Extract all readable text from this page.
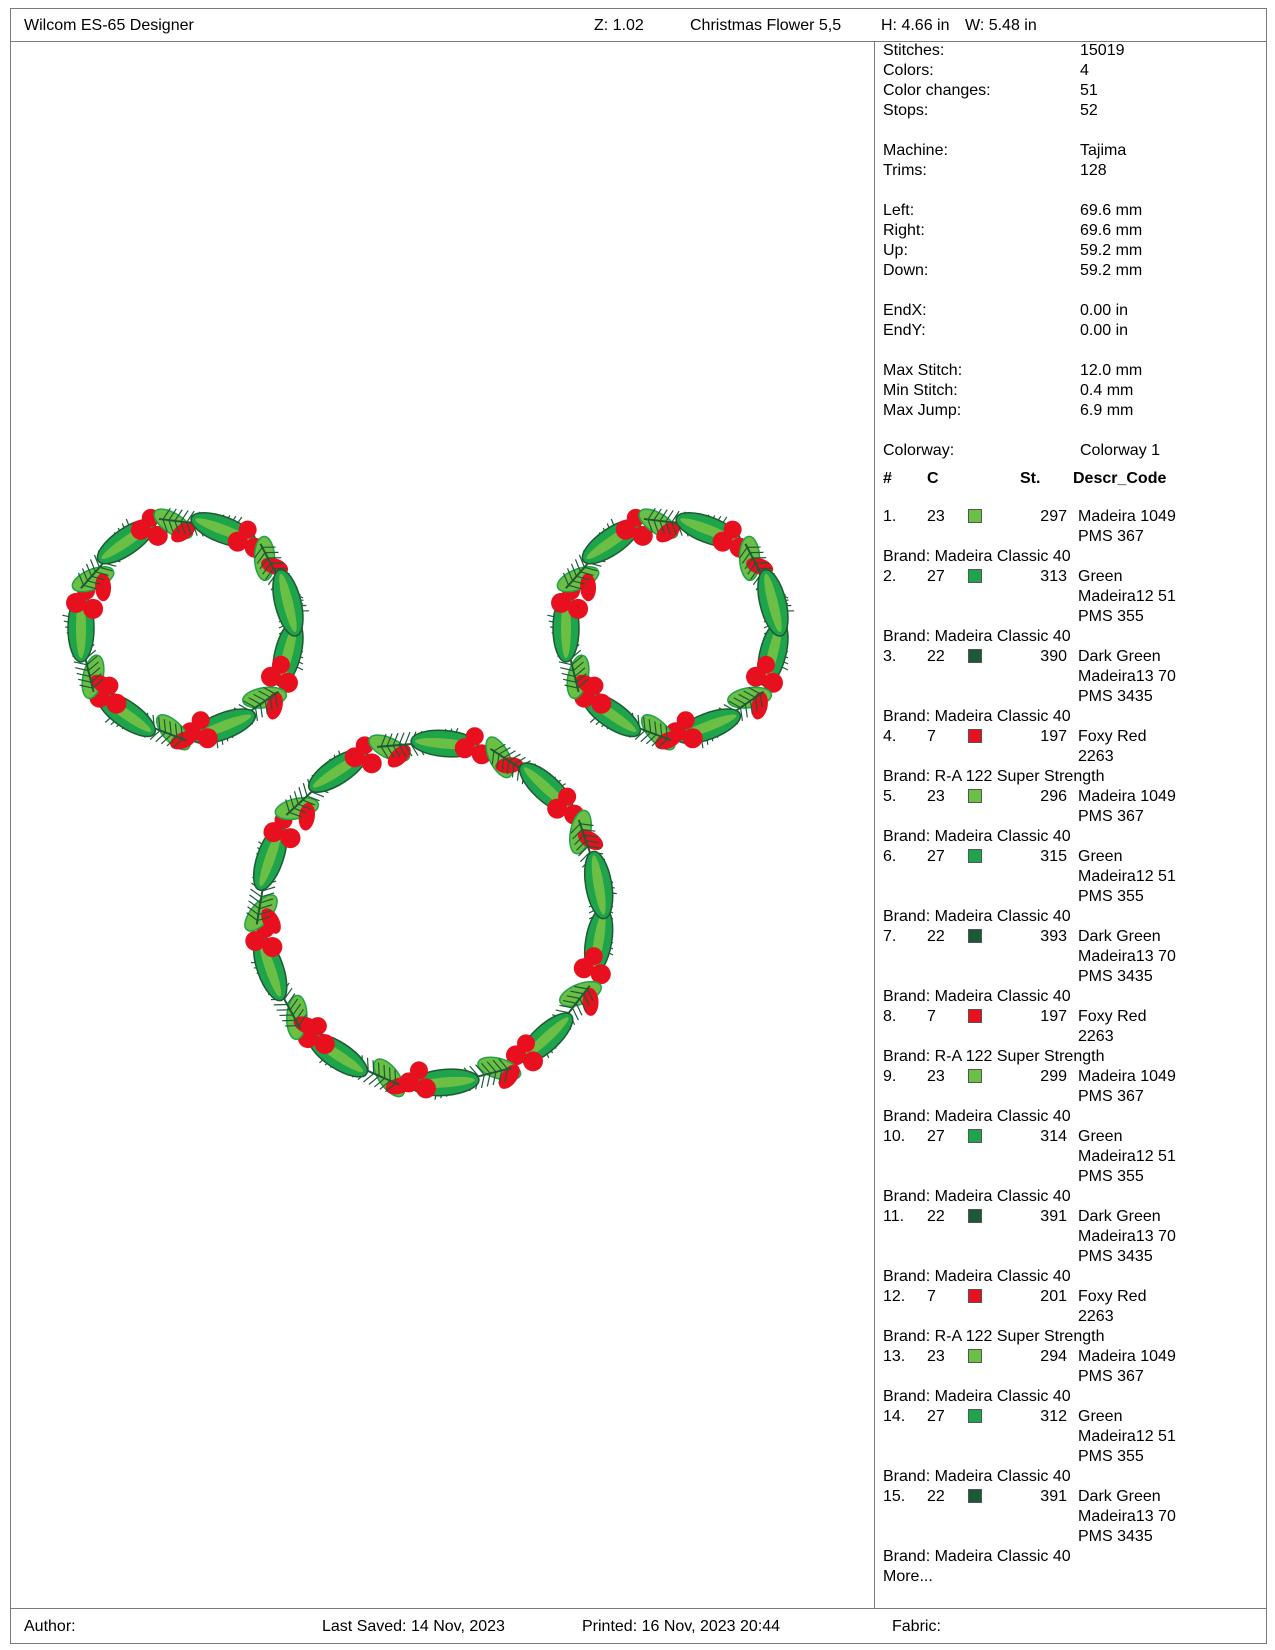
Wilcom ES-65 Designer	Z: 1.02	Christmas Flower 5,5 H: 4.66 in W: 5.48 in
Stitches:	15019
Colors:	4
Color changes:	51
Stops:	52
Machine:	Tajima
Trims:	128
Left:	69.6 mm
Right:	69.6 mm
Up:	59.2 mm
Down:	59.2 mm
EndX:	0.00 in
EndY:	0.00 in
Max Stitch:	12.0 mm
Min Stitch:	0.4 mm
Max Jump:	6.9 mm
Colorway:	Colorway 1
# C	St. Descr_Code
1. 23	297 Madeira 1049
PMS 367
Brand: Madeira Classic 40
2. 27	313 Green
Madeira12 51
PMS 355
Brand: Madeira Classic 40
3. 22	390 Dark Green
Madeira13 70
PMS 3435
Brand: Madeira Classic 40
4. 7	197 Foxy Red
2263
Brand: R-A 122 Super Strength
5. 23	296 Madeira 1049
PMS 367
Brand: Madeira Classic 40
6. 27	315 Green
Madeira12 51
PMS 355
Brand: Madeira Classic 40
7. 22	393 Dark Green
Madeira13 70
PMS 3435
Brand: Madeira Classic 40
8. 7	197 Foxy Red
2263
Brand: R-A 122 Super Strength
9. 23	299 Madeira 1049
PMS 367
Brand: Madeira Classic 40
10. 27	314 Green
Madeira12 51
PMS 355
Brand: Madeira Classic 40
11. 22	391 Dark Green
Madeira13 70
PMS 3435
Brand: Madeira Classic 40
12. 7	201 Foxy Red
2263
Brand: R-A 122 Super Strength
13. 23	294 Madeira 1049
PMS 367
Brand: Madeira Classic 40
14. 27	312 Green
Madeira12 51
PMS 355
Brand: Madeira Classic 40
15. 22	391 Dark Green
Madeira13 70
PMS 3435
Brand: Madeira Classic 40
More...
Author:	Last Saved: 14 Nov, 2023	Printed: 16 Nov, 2023 20:44	Fabric:
